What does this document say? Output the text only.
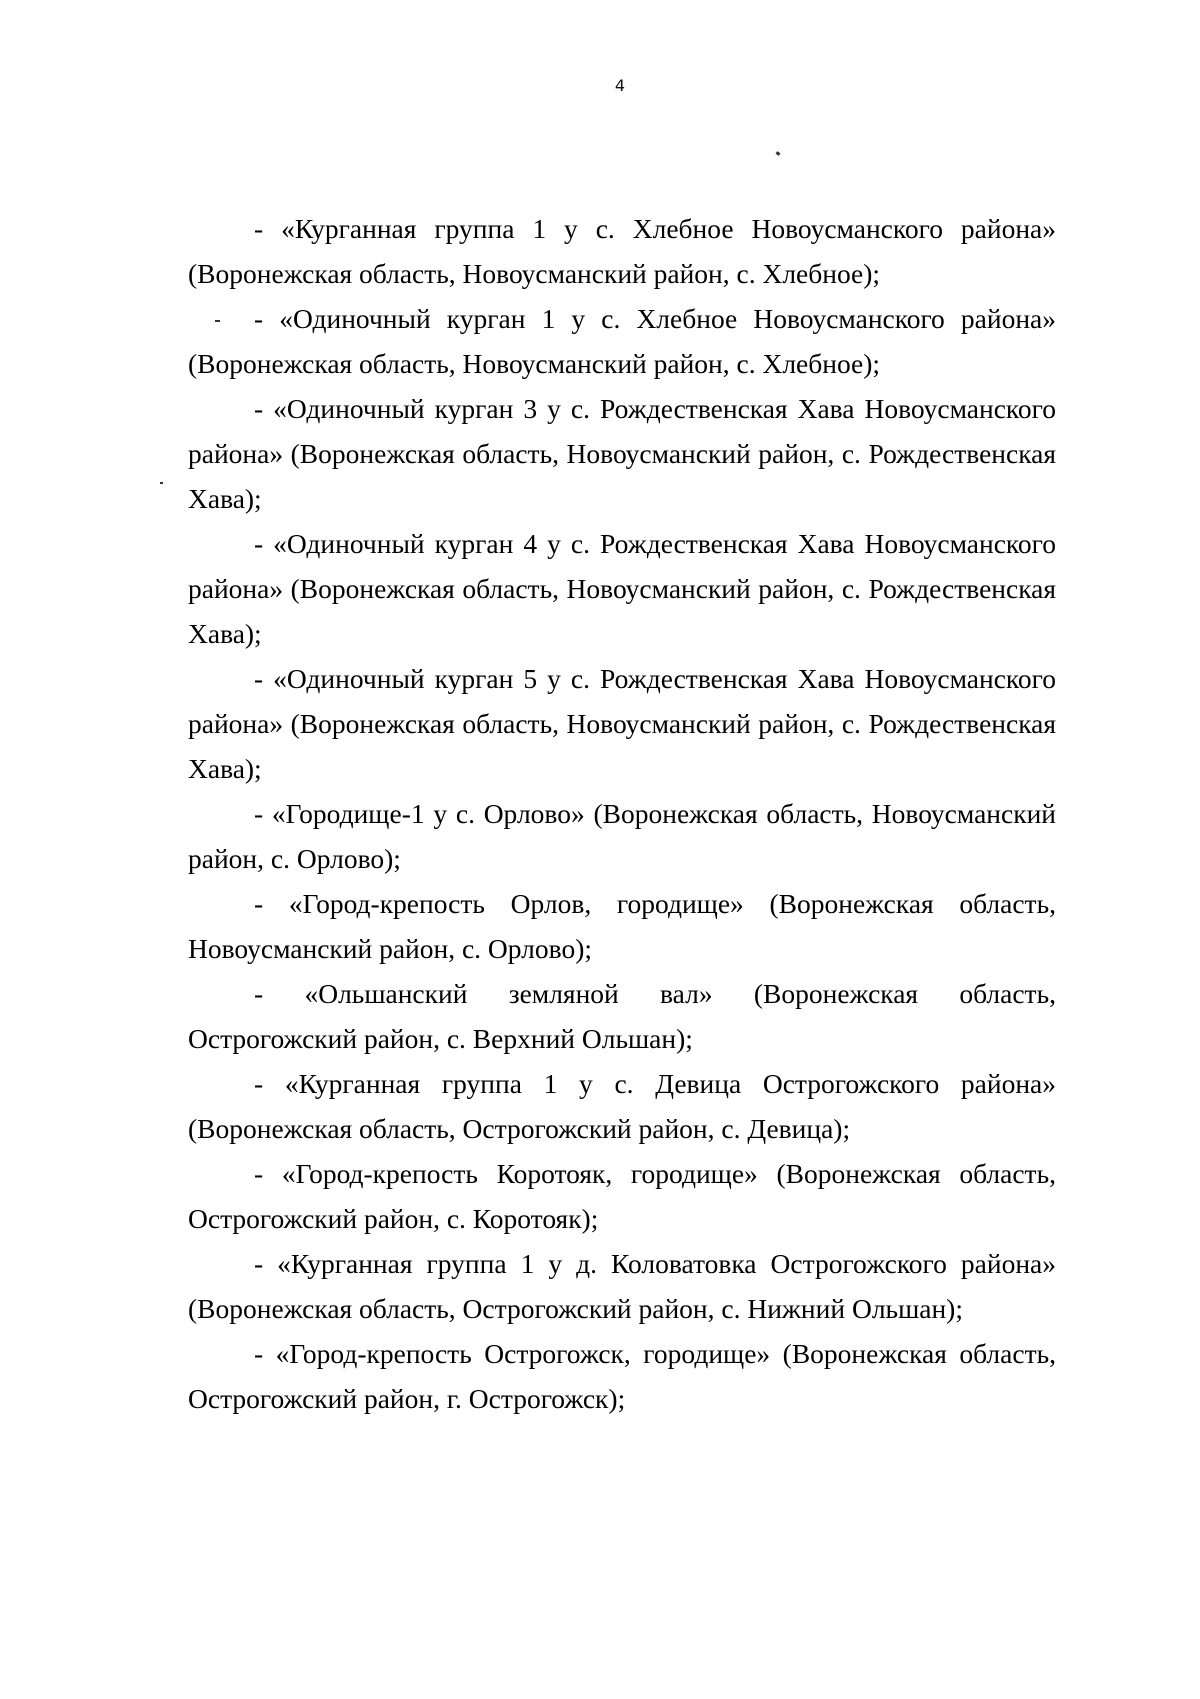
4
- «Курганная группа 1 у с. Хлебное Новоусманского района» (Воронежская область, Новоусманский район, с. Хлебное);
- «Одиночный курган 1 у с. Хлебное Новоусманского района» (Воронежская область, Новоусманский район, с. Хлебное);
- «Одиночный курган 3 у с. Рождественская Хава Новоусманского района» (Воронежская область, Новоусманский район, с. Рождественская Хава);
- «Одиночный курган 4 у с. Рождественская Хава Новоусманского района» (Воронежская область, Новоусманский район, с. Рождественская Хава);
- «Одиночный курган 5 у с. Рождественская Хава Новоусманского района» (Воронежская область, Новоусманский район, с. Рождественская Хава);
- «Городище-1 у с. Орлово» (Воронежская область, Новоусманский район, с. Орлово);
- «Город-крепость Орлов, городище» (Воронежская область, Новоусманский район, с. Орлово);
- «Ольшанский земляной вал» (Воронежская область, Острогожский район, с. Верхний Ольшан);
- «Курганная группа 1 у с. Девица Острогожского района» (Воронежская область, Острогожский район, с. Девица);
- «Город-крепость Коротояк, городище» (Воронежская область, Острогожский район, с. Коротояк);
- «Курганная группа 1 у д. Коловатовка Острогожского района» (Воронежская область, Острогожский район, с. Нижний Ольшан);
- «Город-крепость Острогожск, городище» (Воронежская область, Острогожский район, г. Острогожск);
